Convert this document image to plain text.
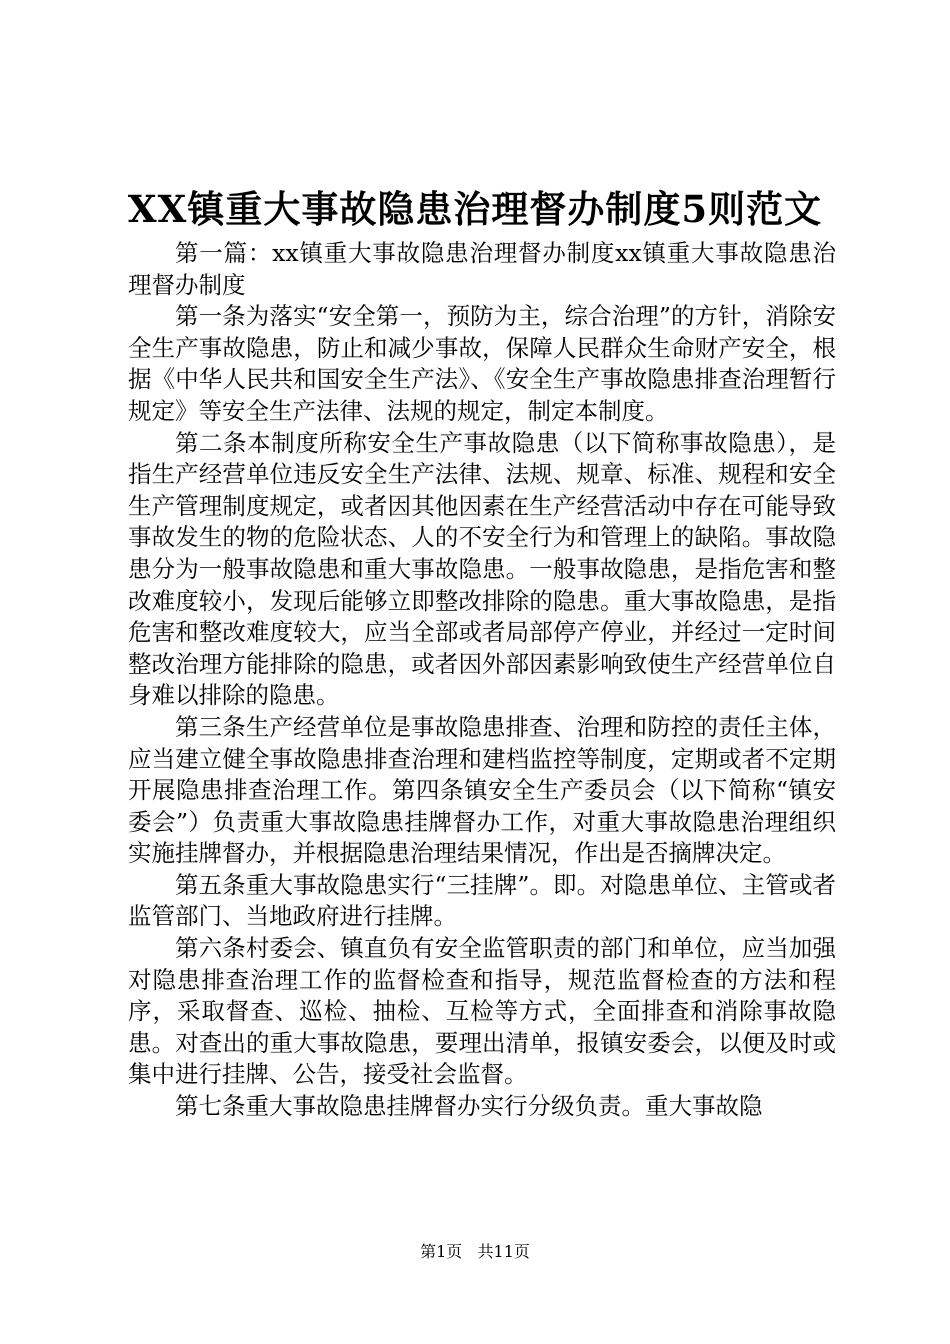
XX镇重大事故隐患治理督办制度5则范文

第一篇：xx镇重大事故隐患治理督办制度xx镇重大事故隐患治理督办制度

第一条为落实“安全第一，预防为主，综合治理”的方针，消除安全生产事故隐患，防止和减少事故，保障人民群众生命财产安全，根据《中华人民共和国安全生产法》、《安全生产事故隐患排查治理暂行规定》等安全生产法律、法规的规定，制定本制度。

第二条本制度所称安全生产事故隐患（以下简称事故隐患），是指生产经营单位违反安全生产法律、法规、规章、标准、规程和安全生产管理制度规定，或者因其他因素在生产经营活动中存在可能导致事故发生的物的危险状态、人的不安全行为和管理上的缺陷。事故隐患分为一般事故隐患和重大事故隐患。一般事故隐患，是指危害和整改难度较小，发现后能够立即整改排除的隐患。重大事故隐患，是指危害和整改难度较大，应当全部或者局部停产停业，并经过一定时间整改治理方能排除的隐患，或者因外部因素影响致使生产经营单位自身难以排除的隐患。

第三条生产经营单位是事故隐患排查、治理和防控的责任主体，应当建立健全事故隐患排查治理和建档监控等制度，定期或者不定期开展隐患排查治理工作。第四条镇安全生产委员会（以下简称“镇安委会”）负责重大事故隐患挂牌督办工作，对重大事故隐患治理组织实施挂牌督办，并根据隐患治理结果情况，作出是否摘牌决定。

第五条重大事故隐患实行“三挂牌”。即。对隐患单位、主管或者监管部门、当地政府进行挂牌。

第六条村委会、镇直负有安全监管职责的部门和单位，应当加强对隐患排查治理工作的监督检查和指导，规范监督检查的方法和程序，采取督查、巡检、抽检、互检等方式，全面排查和消除事故隐患。对查出的重大事故隐患，要理出清单，报镇安委会，以便及时或集中进行挂牌、公告，接受社会监督。

第七条重大事故隐患挂牌督办实行分级负责。重大事故隐

第1页 共11页
